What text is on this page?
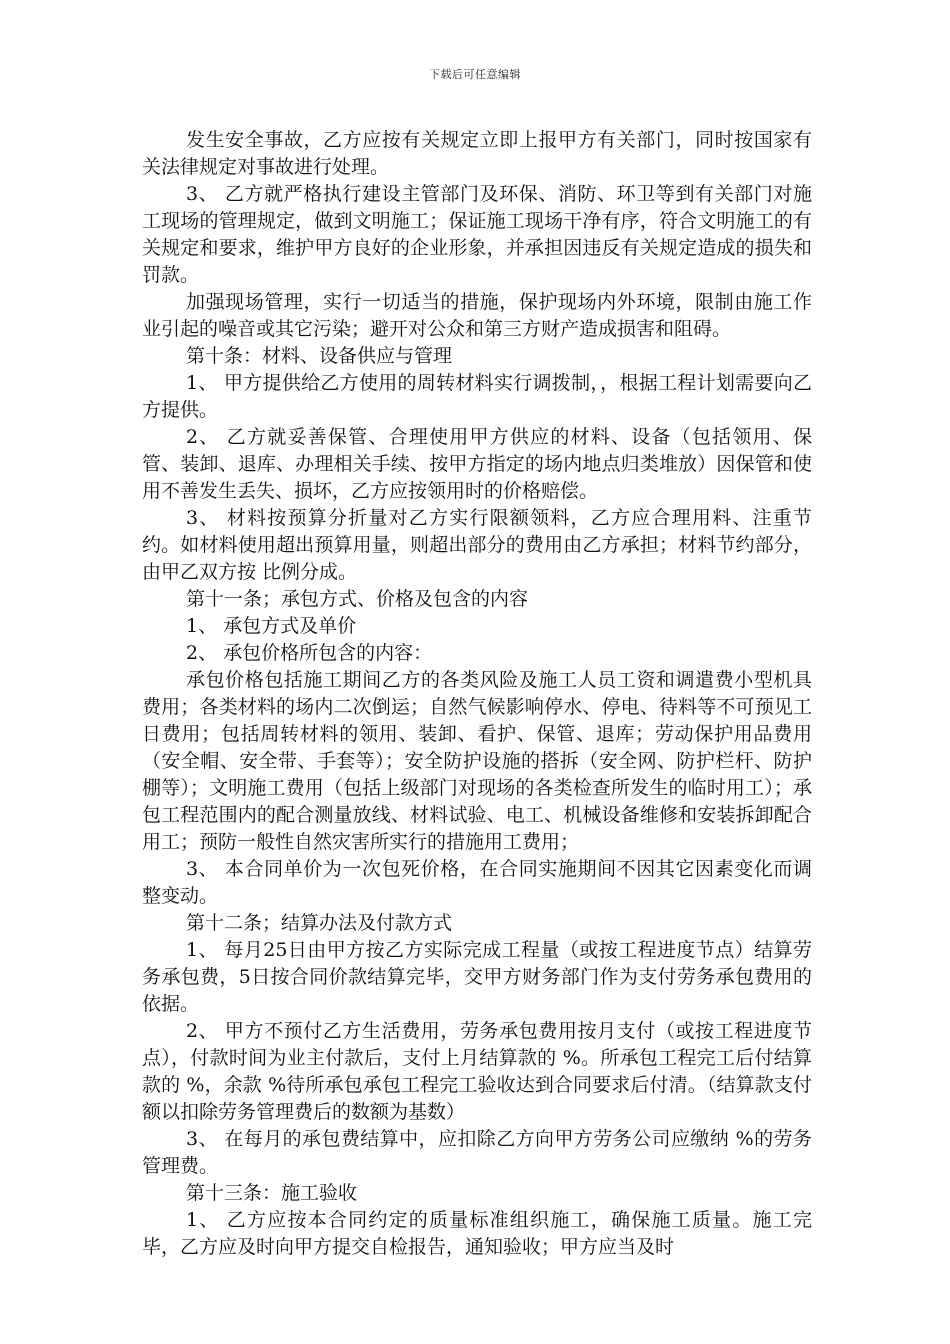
下载后可任意编辑

发生安全事故，乙方应按有关规定立即上报甲方有关部门，同时按国家有关法律规定对事故进行处理。

3、 乙方就严格执行建设主管部门及环保、消防、环卫等到有关部门对施工现场的管理规定，做到文明施工；保证施工现场干净有序，符合文明施工的有关规定和要求，维护甲方良好的企业形象，并承担因违反有关规定造成的损失和罚款。

加强现场管理，实行一切适当的措施，保护现场内外环境，限制由施工作业引起的噪音或其它污染；避开对公众和第三方财产造成损害和阻碍。

第十条：材料、设备供应与管理

1、 甲方提供给乙方使用的周转材料实行调拨制，，根据工程计划需要向乙方提供。

2、 乙方就妥善保管、合理使用甲方供应的材料、设备（包括领用、保管、装卸、退库、办理相关手续、按甲方指定的场内地点归类堆放）因保管和使用不善发生丢失、损坏，乙方应按领用时的价格赔偿。

3、 材料按预算分折量对乙方实行限额领料，乙方应合理用料、注重节约。如材料使用超出预算用量，则超出部分的费用由乙方承担；材料节约部分，由甲乙双方按 比例分成。

第十一条；承包方式、价格及包含的内容

1、 承包方式及单价

2、 承包价格所包含的内容：

承包价格包括施工期间乙方的各类风险及施工人员工资和调遣费小型机具费用；各类材料的场内二次倒运；自然气候影响停水、停电、待料等不可预见工日费用；包括周转材料的领用、装卸、看护、保管、退库；劳动保护用品费用（安全帽、安全带、手套等）；安全防护设施的搭拆（安全网、防护栏杆、防护棚等）；文明施工费用（包括上级部门对现场的各类检查所发生的临时用工）；承包工程范围内的配合测量放线、材料试验、电工、机械设备维修和安装拆卸配合用工；预防一般性自然灾害所实行的措施用工费用；

3、 本合同单价为一次包死价格，在合同实施期间不因其它因素变化而调整变动。

第十二条；结算办法及付款方式

1、 每月25日由甲方按乙方实际完成工程量（或按工程进度节点）结算劳务承包费，5日按合同价款结算完毕，交甲方财务部门作为支付劳务承包费用的依据。

2、 甲方不预付乙方生活费用，劳务承包费用按月支付（或按工程进度节点），付款时间为业主付款后，支付上月结算款的 %。所承包工程完工后付结算款的 %，余款 %待所承包承包工程完工验收达到合同要求后付清。（结算款支付额以扣除劳务管理费后的数额为基数）

3、 在每月的承包费结算中，应扣除乙方向甲方劳务公司应缴纳 %的劳务管理费。

第十三条：施工验收

1、 乙方应按本合同约定的质量标准组织施工，确保施工质量。施工完毕，乙方应及时向甲方提交自检报告，通知验收；甲方应当及时
